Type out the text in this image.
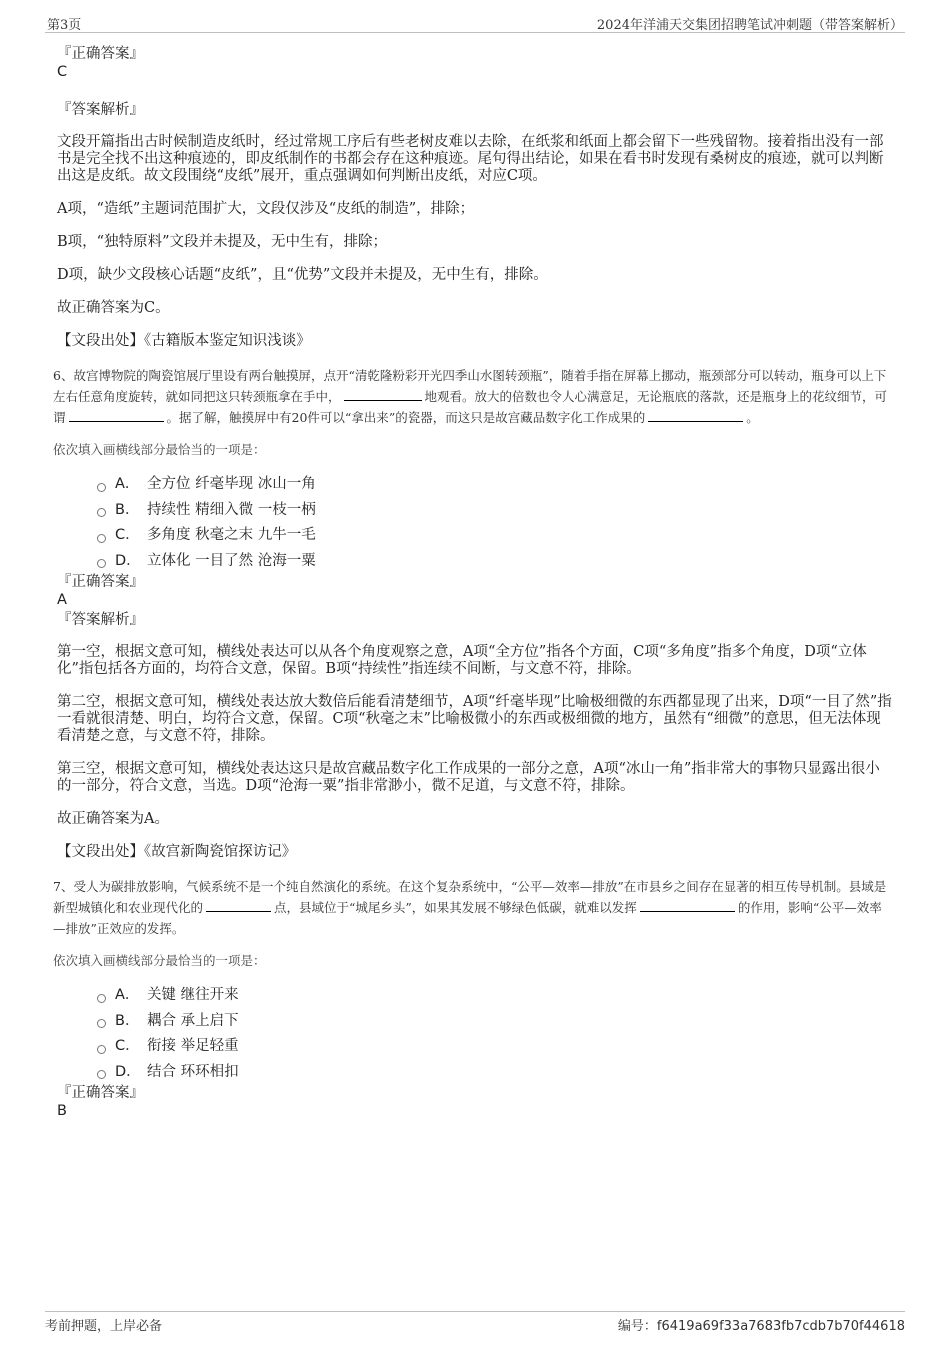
第3页	2024年洋浦天交集团招聘笔试冲刺题（带答案解析）

『正确答案』

C

『答案解析』

文段开篇指出古时候制造皮纸时，经过常规工序后有些老树皮难以去除，在纸浆和纸面上都会留下一些残留物。接着指出没有一部书是完全找不出这种痕迹的，即皮纸制作的书都会存在这种痕迹。尾句得出结论，如果在看书时发现有桑树皮的痕迹，就可以判断出这是皮纸。故文段围绕“皮纸”展开，重点强调如何判断出皮纸，对应C项。

A项，“造纸”主题词范围扩大，文段仅涉及“皮纸的制造”，排除；

B项，“独特原料”文段并未提及，无中生有，排除；

D项，缺少文段核心话题“皮纸”，且“优势”文段并未提及，无中生有，排除。

故正确答案为C。

【文段出处】《古籍版本鉴定知识浅谈》

6、故宫博物院的陶瓷馆展厅里设有两台触摸屏，点开“清乾隆粉彩开光四季山水图转颈瓶”，随着手指在屏幕上挪动，瓶颈部分可以转动，瓶身可以上下左右任意角度旋转，就如同把这只转颈瓶拿在手中，	地观看。放大的倍数也令人心满意足，无论瓶底的落款，还是瓶身上的花纹细节，可谓	。据了解，触摸屏中有20件可以“拿出来”的瓷器，而这只是故宫藏品数字化工作成果的	。

依次填入画横线部分最恰当的一项是：

A． 全方位 纤毫毕现 冰山一角
B． 持续性 精细入微 一枝一柄
C． 多角度 秋毫之末 九牛一毛
D． 立体化 一目了然 沧海一粟

『正确答案』

A

『答案解析』

第一空，根据文意可知，横线处表达可以从各个角度观察之意，A项“全方位”指各个方面，C项“多角度”指多个角度，D项“立体化”指包括各方面的，均符合文意，保留。B项“持续性”指连续不间断，与文意不符，排除。

第二空，根据文意可知，横线处表达放大数倍后能看清楚细节，A项“纤毫毕现”比喻极细微的东西都显现了出来，D项“一目了然”指一看就很清楚、明白，均符合文意，保留。C项“秋毫之末”比喻极微小的东西或极细微的地方，虽然有“细微”的意思，但无法体现看清楚之意，与文意不符，排除。

第三空，根据文意可知，横线处表达这只是故宫藏品数字化工作成果的一部分之意，A项“冰山一角”指非常大的事物只显露出很小的一部分，符合文意，当选。D项“沧海一粟”指非常渺小，微不足道，与文意不符，排除。

故正确答案为A。

【文段出处】《故宫新陶瓷馆探访记》

7、受人为碳排放影响，气候系统不是一个纯自然演化的系统。在这个复杂系统中，“公平—效率—排放”在市县乡之间存在显著的相互传导机制。县域是新型城镇化和农业现代化的	点，县域位于“城尾乡头”，如果其发展不够绿色低碳，就难以发挥	的作用，影响“公平—效率—排放”正效应的发挥。

依次填入画横线部分最恰当的一项是：

A． 关键 继往开来
B． 耦合 承上启下
C． 衔接 举足轻重
D． 结合 环环相扣

『正确答案』

B

考前押题，上岸必备	编号：f6419a69f33a7683fb7cdb7b70f44618
